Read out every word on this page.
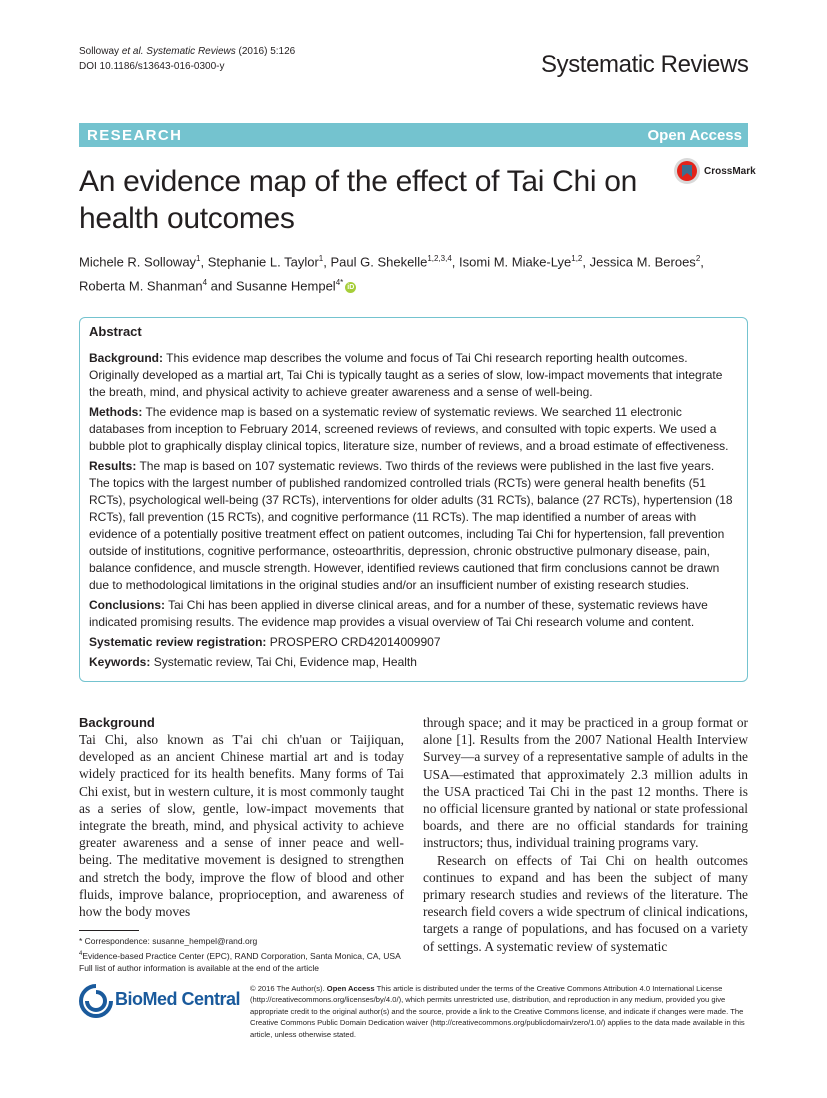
Solloway et al. Systematic Reviews (2016) 5:126
DOI 10.1186/s13643-016-0300-y	Systematic Reviews
RESEARCH	Open Access
CrossMark
An evidence map of the effect of Tai Chi on health outcomes
Michele R. Solloway$^1$, Stephanie L. Taylor$^1$, Paul G. Shekelle$^{1,2,3,4}$, Isomi M. Miake-Lye$^{1,2}$, Jessica M. Beroes$^2$, Roberta M. Shanman$^4$ and Susanne Hempel$^{4*}$ iD
Abstract

Background: This evidence map describes the volume and focus of Tai Chi research reporting health outcomes. Originally developed as a martial art, Tai Chi is typically taught as a series of slow, low-impact movements that integrate the breath, mind, and physical activity to achieve greater awareness and a sense of well-being.

Methods: The evidence map is based on a systematic review of systematic reviews. We searched 11 electronic databases from inception to February 2014, screened reviews of reviews, and consulted with topic experts. We used a bubble plot to graphically display clinical topics, literature size, number of reviews, and a broad estimate of effectiveness.

Results: The map is based on 107 systematic reviews. Two thirds of the reviews were published in the last five years. The topics with the largest number of published randomized controlled trials (RCTs) were general health benefits (51 RCTs), psychological well-being (37 RCTs), interventions for older adults (31 RCTs), balance (27 RCTs), hypertension (18 RCTs), fall prevention (15 RCTs), and cognitive performance (11 RCTs). The map identified a number of areas with evidence of a potentially positive treatment effect on patient outcomes, including Tai Chi for hypertension, fall prevention outside of institutions, cognitive performance, osteoarthritis, depression, chronic obstructive pulmonary disease, pain, balance confidence, and muscle strength. However, identified reviews cautioned that firm conclusions cannot be drawn due to methodological limitations in the original studies and/or an insufficient number of existing research studies.

Conclusions: Tai Chi has been applied in diverse clinical areas, and for a number of these, systematic reviews have indicated promising results. The evidence map provides a visual overview of Tai Chi research volume and content.

Systematic review registration: PROSPERO CRD42014009907

Keywords: Systematic review, Tai Chi, Evidence map, Health

Background

Tai Chi, also known as T'ai chi ch'uan or Taijiquan, developed as an ancient Chinese martial art and is today widely practiced for its health benefits. Many forms of Tai Chi exist, but in western culture, it is most commonly taught as a series of slow, gentle, low-impact movements that integrate the breath, mind, and physical activity to achieve greater awareness and a sense of inner peace and well-being. The meditative movement is designed to strengthen and stretch the body, improve the flow of blood and other fluids, improve balance, proprioception, and awareness of how the body moves

through space; and it may be practiced in a group format or alone [1]. Results from the 2007 National Health Interview Survey—a survey of a representative sample of adults in the USA—estimated that approximately 2.3 million adults in the USA practiced Tai Chi in the past 12 months. There is no official licensure granted by national or state professional boards, and there are no official standards for training instructors; thus, individual training programs vary.

Research on effects of Tai Chi on health outcomes continues to expand and has been the subject of many primary research studies and reviews of the literature. The research field covers a wide spectrum of clinical indications, targets a range of populations, and has focused on a variety of settings. A systematic review of systematic

* Correspondence: susanne_hempel@rand.org
$^4$Evidence-based Practice Center (EPC), RAND Corporation, Santa Monica, CA, USA
Full list of author information is available at the end of the article
BioMed Central
© 2016 The Author(s). Open Access This article is distributed under the terms of the Creative Commons Attribution 4.0 International License (http://creativecommons.org/licenses/by/4.0/), which permits unrestricted use, distribution, and reproduction in any medium, provided you give appropriate credit to the original author(s) and the source, provide a link to the Creative Commons license, and indicate if changes were made. The Creative Commons Public Domain Dedication waiver (http://creativecommons.org/publicdomain/zero/1.0/) applies to the data made available in this article, unless otherwise stated.
